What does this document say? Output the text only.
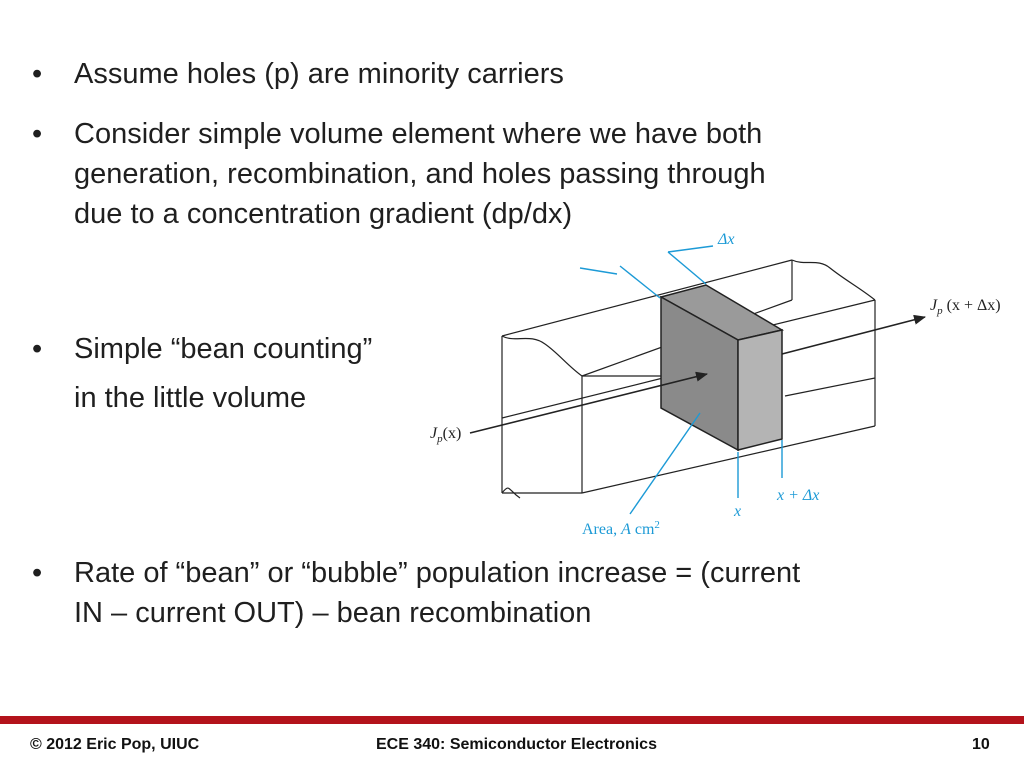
•	Assume holes (p) are minority carriers
•	Consider simple volume element where we have both
generation, recombination, and holes passing through
due to a concentration gradient (dp/dx)
•	Simple “bean counting”
in the little volume
•	Rate of “bean” or “bubble” population increase = (current
IN – current OUT) – bean recombination
Δx
$J_p$ (x + Δx)
$J_p(x)$
x
x + Δx
Area, A $cm^2$
© 2012 Eric Pop, UIUC	ECE 340: Semiconductor Electronics	10
